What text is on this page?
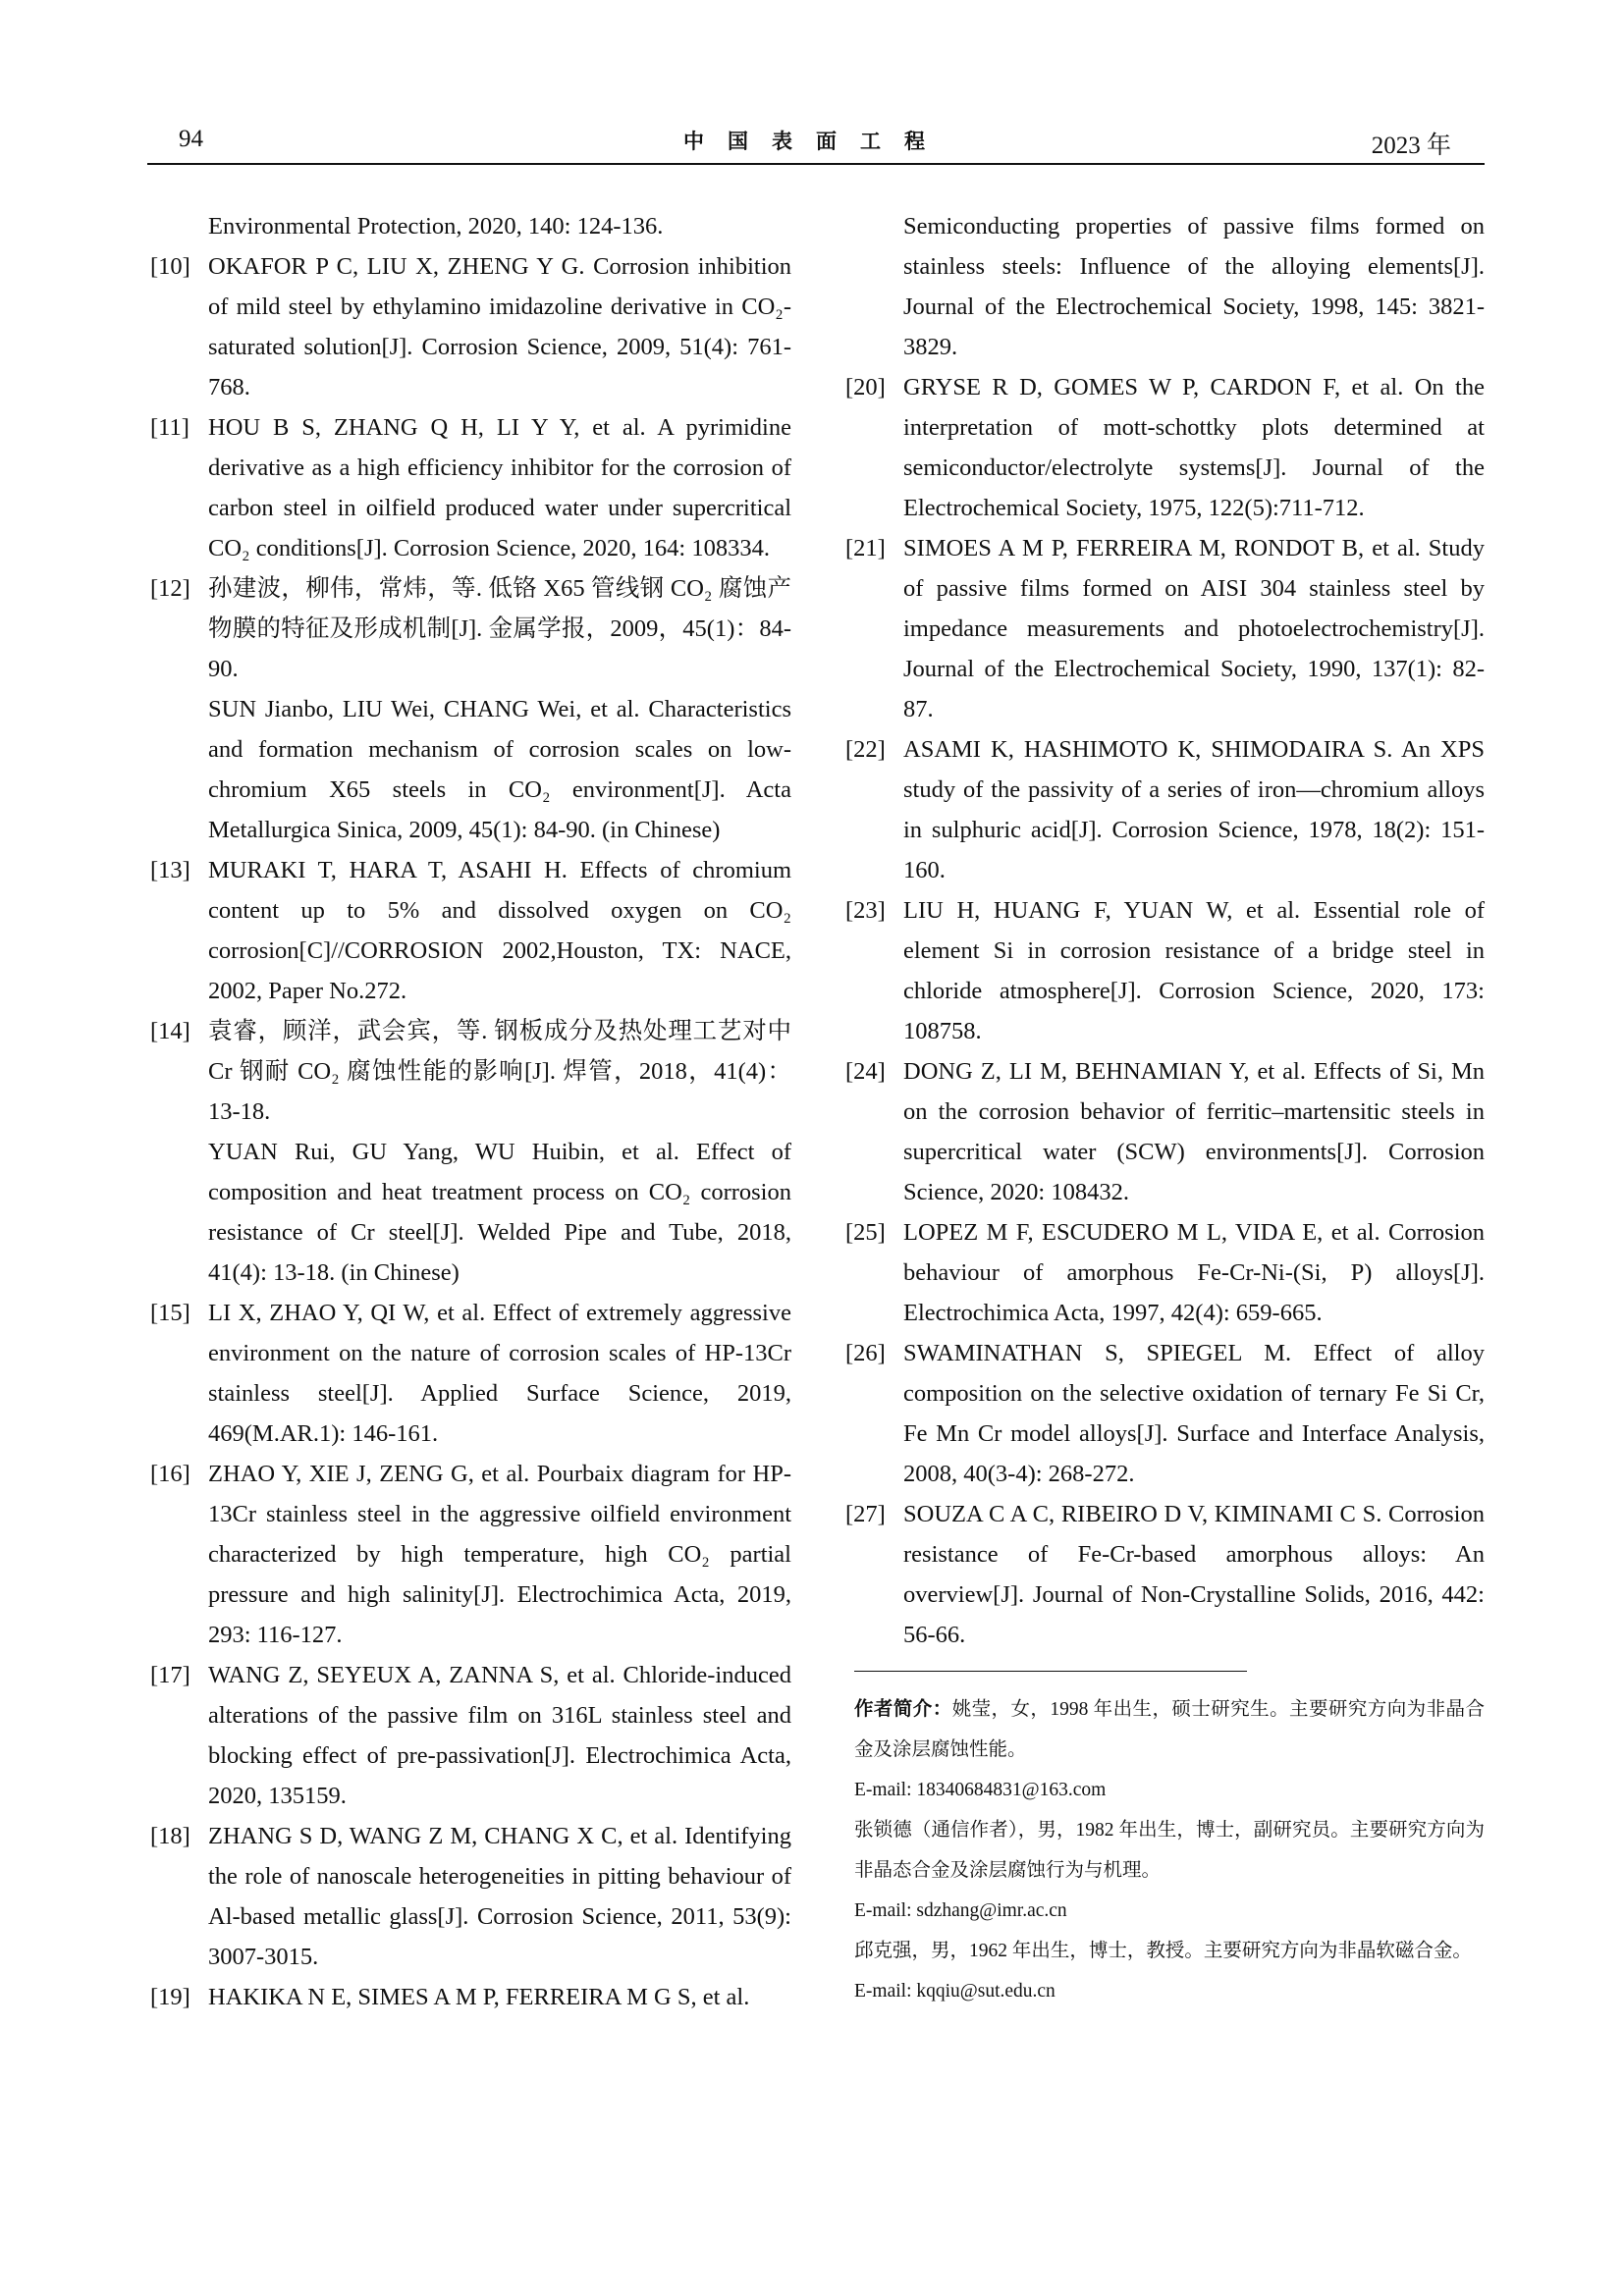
94	中国表面工程	2023 年
Environmental Protection, 2020, 140: 124-136.
[10] OKAFOR P C, LIU X, ZHENG Y G. Corrosion inhibition of mild steel by ethylamino imidazoline derivative in CO₂-saturated solution[J]. Corrosion Science, 2009, 51(4): 761-768.
[11] HOU B S, ZHANG Q H, LI Y Y, et al. A pyrimidine derivative as a high efficiency inhibitor for the corrosion of carbon steel in oilfield produced water under supercritical CO₂ conditions[J]. Corrosion Science, 2020, 164: 108334.
[12] 孙建波，柳伟，常炜，等. 低铬 X65 管线钢 CO₂ 腐蚀产物膜的特征及形成机制[J]. 金属学报，2009，45(1)：84-90.
SUN Jianbo, LIU Wei, CHANG Wei, et al. Characteristics and formation mechanism of corrosion scales on low-chromium X65 steels in CO₂ environment[J]. Acta Metallurgica Sinica, 2009, 45(1): 84-90. (in Chinese)
[13] MURAKI T, HARA T, ASAHI H. Effects of chromium content up to 5% and dissolved oxygen on CO₂ corrosion[C]//CORROSION 2002,Houston, TX: NACE, 2002, Paper No.272.
[14] 袁睿，顾洋，武会宾，等. 钢板成分及热处理工艺对中 Cr 钢耐 CO₂ 腐蚀性能的影响[J]. 焊管，2018，41(4)：13-18.
YUAN Rui, GU Yang, WU Huibin, et al. Effect of composition and heat treatment process on CO₂ corrosion resistance of Cr steel[J]. Welded Pipe and Tube, 2018, 41(4): 13-18. (in Chinese)
[15] LI X, ZHAO Y, QI W, et al. Effect of extremely aggressive environment on the nature of corrosion scales of HP-13Cr stainless steel[J]. Applied Surface Science, 2019, 469(M.AR.1): 146-161.
[16] ZHAO Y, XIE J, ZENG G, et al. Pourbaix diagram for HP-13Cr stainless steel in the aggressive oilfield environment characterized by high temperature, high CO₂ partial pressure and high salinity[J]. Electrochimica Acta, 2019, 293: 116-127.
[17] WANG Z, SEYEUX A, ZANNA S, et al. Chloride-induced alterations of the passive film on 316L stainless steel and blocking effect of pre-passivation[J]. Electrochimica Acta, 2020, 135159.
[18] ZHANG S D, WANG Z M, CHANG X C, et al. Identifying the role of nanoscale heterogeneities in pitting behaviour of Al-based metallic glass[J]. Corrosion Science, 2011, 53(9): 3007-3015.
[19] HAKIKA N E, SIMES A M P, FERREIRA M G S, et al.
Semiconducting properties of passive films formed on stainless steels: Influence of the alloying elements[J]. Journal of the Electrochemical Society, 1998, 145: 3821-3829.
[20] GRYSE R D, GOMES W P, CARDON F, et al. On the interpretation of mott-schottky plots determined at semiconductor/electrolyte systems[J]. Journal of the Electrochemical Society, 1975, 122(5):711-712.
[21] SIMOES A M P, FERREIRA M, RONDOT B, et al. Study of passive films formed on AISI 304 stainless steel by impedance measurements and photoelectrochemistry[J]. Journal of the Electrochemical Society, 1990, 137(1): 82-87.
[22] ASAMI K, HASHIMOTO K, SHIMODAIRA S. An XPS study of the passivity of a series of iron—chromium alloys in sulphuric acid[J]. Corrosion Science, 1978, 18(2): 151-160.
[23] LIU H, HUANG F, YUAN W, et al. Essential role of element Si in corrosion resistance of a bridge steel in chloride atmosphere[J]. Corrosion Science, 2020, 173: 108758.
[24] DONG Z, LI M, BEHNAMIAN Y, et al. Effects of Si, Mn on the corrosion behavior of ferritic–martensitic steels in supercritical water (SCW) environments[J]. Corrosion Science, 2020: 108432.
[25] LOPEZ M F, ESCUDERO M L, VIDA E, et al. Corrosion behaviour of amorphous Fe-Cr-Ni-(Si, P) alloys[J]. Electrochimica Acta, 1997, 42(4): 659-665.
[26] SWAMINATHAN S, SPIEGEL M. Effect of alloy composition on the selective oxidation of ternary Fe Si Cr, Fe Mn Cr model alloys[J]. Surface and Interface Analysis, 2008, 40(3-4): 268-272.
[27] SOUZA C A C, RIBEIRO D V, KIMINAMI C S. Corrosion resistance of Fe-Cr-based amorphous alloys: An overview[J]. Journal of Non-Crystalline Solids, 2016, 442: 56-66.
作者简介：姚莹，女，1998 年出生，硕士研究生。主要研究方向为非晶合金及涂层腐蚀性能。
E-mail: 18340684831@163.com
张锁德（通信作者），男，1982 年出生，博士，副研究员。主要研究方向为非晶态合金及涂层腐蚀行为与机理。
E-mail: sdzhang@imr.ac.cn
邱克强，男，1962 年出生，博士，教授。主要研究方向为非晶软磁合金。
E-mail: kqqiu@sut.edu.cn
